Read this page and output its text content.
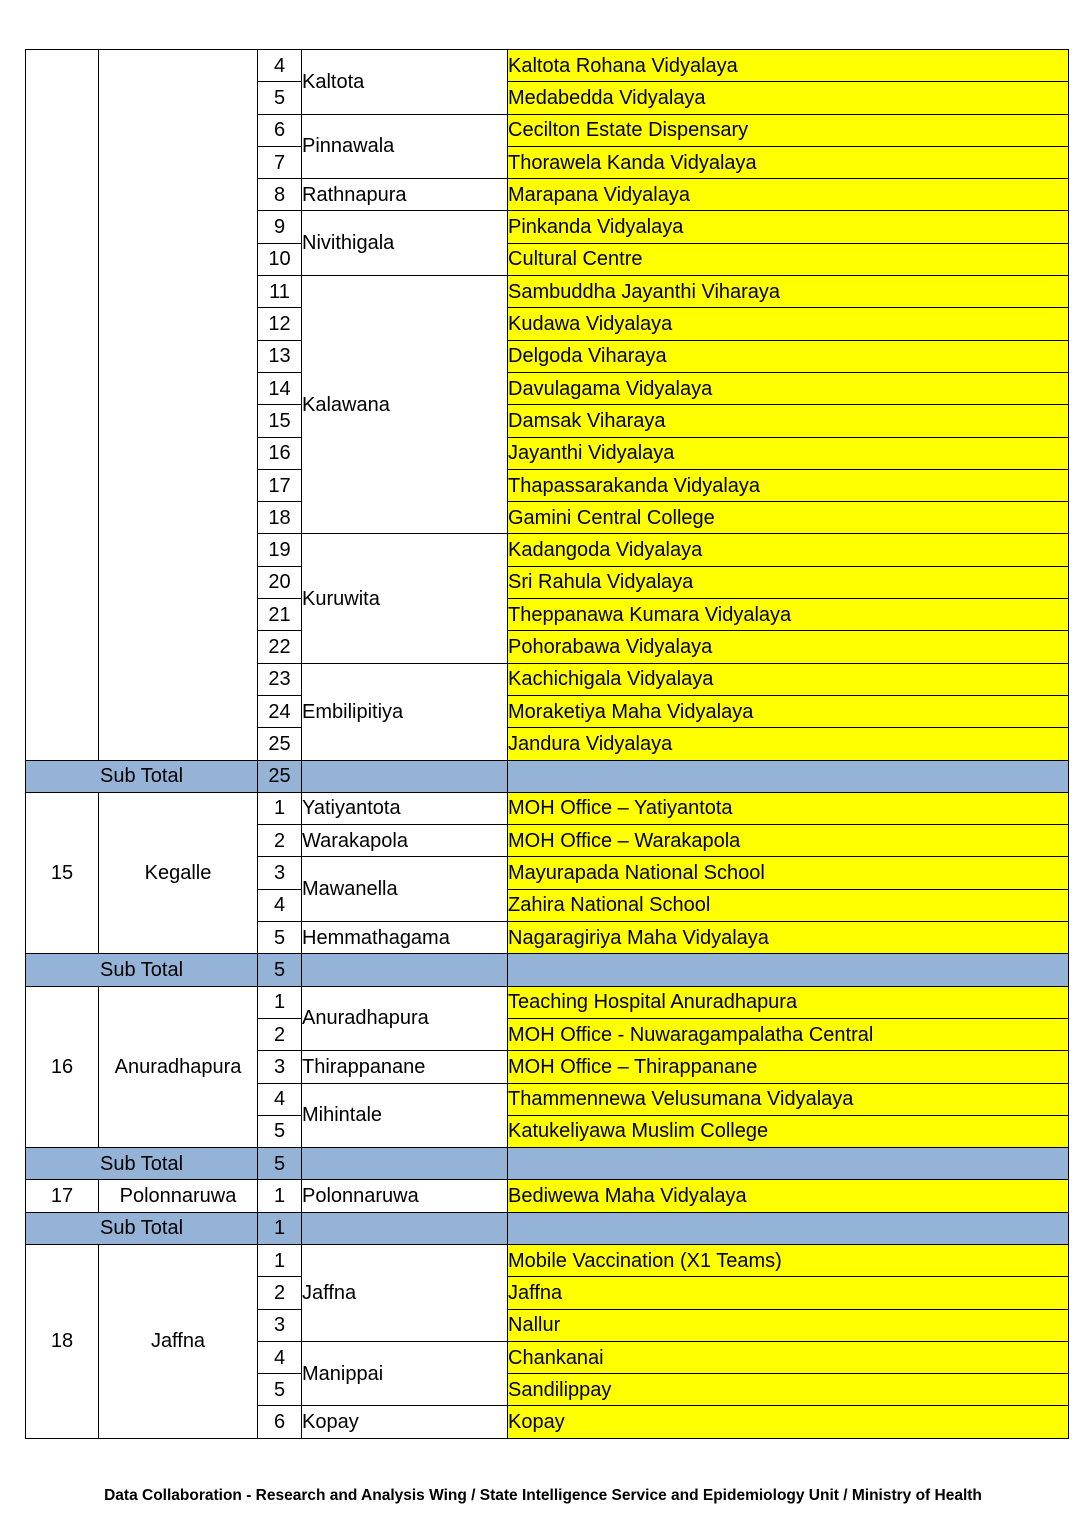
		4	Kaltota	Kaltota Rohana Vidyalaya
		5		Medabedda Vidyalaya
		6	Pinnawala	Cecilton Estate Dispensary
		7		Thorawela Kanda Vidyalaya
		8	Rathnapura	Marapana Vidyalaya
		9	Nivithigala	Pinkanda Vidyalaya
		10		Cultural Centre
		11	Kalawana	Sambuddha Jayanthi Viharaya
		12		Kudawa Vidyalaya
		13		Delgoda Viharaya
		14		Davulagama Vidyalaya
		15		Damsak Viharaya
		16		Jayanthi Vidyalaya
		17		Thapassarakanda Vidyalaya
		18		Gamini Central College
		19	Kuruwita	Kadangoda Vidyalaya
		20		Sri Rahula Vidyalaya
		21		Theppanawa Kumara Vidyalaya
		22		Pohorabawa Vidyalaya
		23	Embilipitiya	Kachichigala Vidyalaya
		24		Moraketiya Maha Vidyalaya
		25		Jandura Vidyalaya
Sub Total		25		
15	Kegalle	1	Yatiyantota	MOH Office – Yatiyantota
		2	Warakapola	MOH Office – Warakapola
		3	Mawanella	Mayurapada National School
		4		Zahira National School
		5	Hemmathagama	Nagaragiriya Maha Vidyalaya
Sub Total		5		
16	Anuradhapura	1	Anuradhapura	Teaching Hospital Anuradhapura
		2		MOH Office - Nuwaragampalatha Central
		3	Thirappanane	MOH Office – Thirappanane
		4	Mihintale	Thammennewa Velusumana Vidyalaya
		5		Katukeliyawa Muslim College
Sub Total		5		
17	Polonnaruwa	1	Polonnaruwa	Bediwewa Maha Vidyalaya
Sub Total		1		
18	Jaffna	1	Jaffna	Mobile Vaccination (X1 Teams)
		2		Jaffna
		3		Nallur
		4	Manippai	Chankanai
		5		Sandilippay
		6	Kopay	Kopay
Data Collaboration - Research and Analysis Wing / State Intelligence Service and Epidemiology Unit / Ministry of Health
